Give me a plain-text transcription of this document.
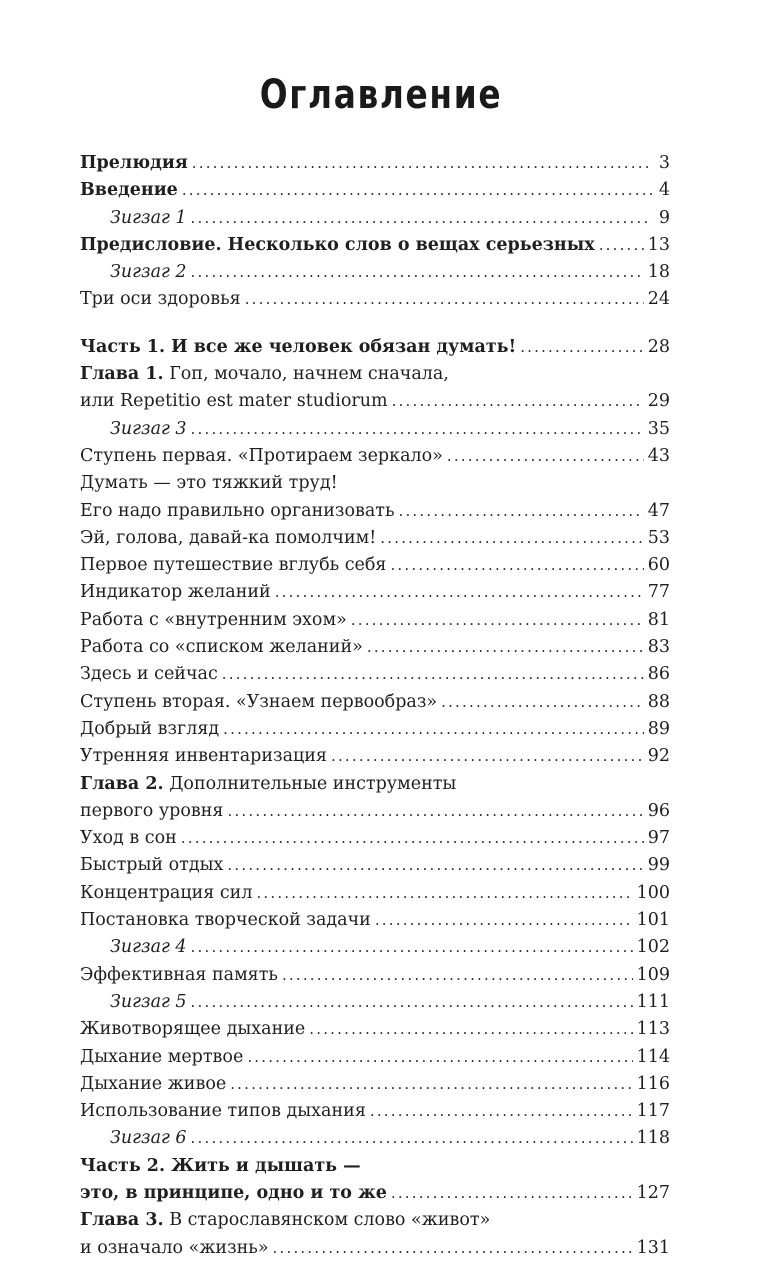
Оглавление
Прелюдия .....	3
Введение .....	4
Зигзаг 1 .....	9
Предисловие. Несколько слов о вещах серьезных .....	13
Зигзаг 2 .....	18
Три оси здоровья .....	24
Часть 1. И все же человек обязан думать! .....	28
Глава 1. Гоп, мочало, начнем сначала,
или Repetitio est mater studiorum .....	29
Зигзаг 3 .....	35
Ступень первая. «Протираем зеркало» .....	43
Думать — это тяжкий труд!
Его надо правильно организовать .....	47
Эй, голова, давай-ка помолчим! .....	53
Первое путешествие вглубь себя .....	60
Индикатор желаний .....	77
Работа с «внутренним эхом» .....	81
Работа со «списком желаний» .....	83
Здесь и сейчас .....	86
Ступень вторая. «Узнаем первообраз» .....	88
Добрый взгляд .....	89
Утренняя инвентаризация .....	92
Глава 2. Дополнительные инструменты
первого уровня .....	96
Уход в сон .....	97
Быстрый отдых .....	99
Концентрация сил .....	100
Постановка творческой задачи .....	101
Зигзаг 4 .....	102
Эффективная память .....	109
Зигзаг 5 .....	111
Животворящее дыхание .....	113
Дыхание мертвое .....	114
Дыхание живое .....	116
Использование типов дыхания .....	117
Зигзаг 6 .....	118
Часть 2. Жить и дышать —
это, в принципе, одно и то же .....	127
Глава 3. В старославянском слово «живот»
и означало «жизнь» .....	131
